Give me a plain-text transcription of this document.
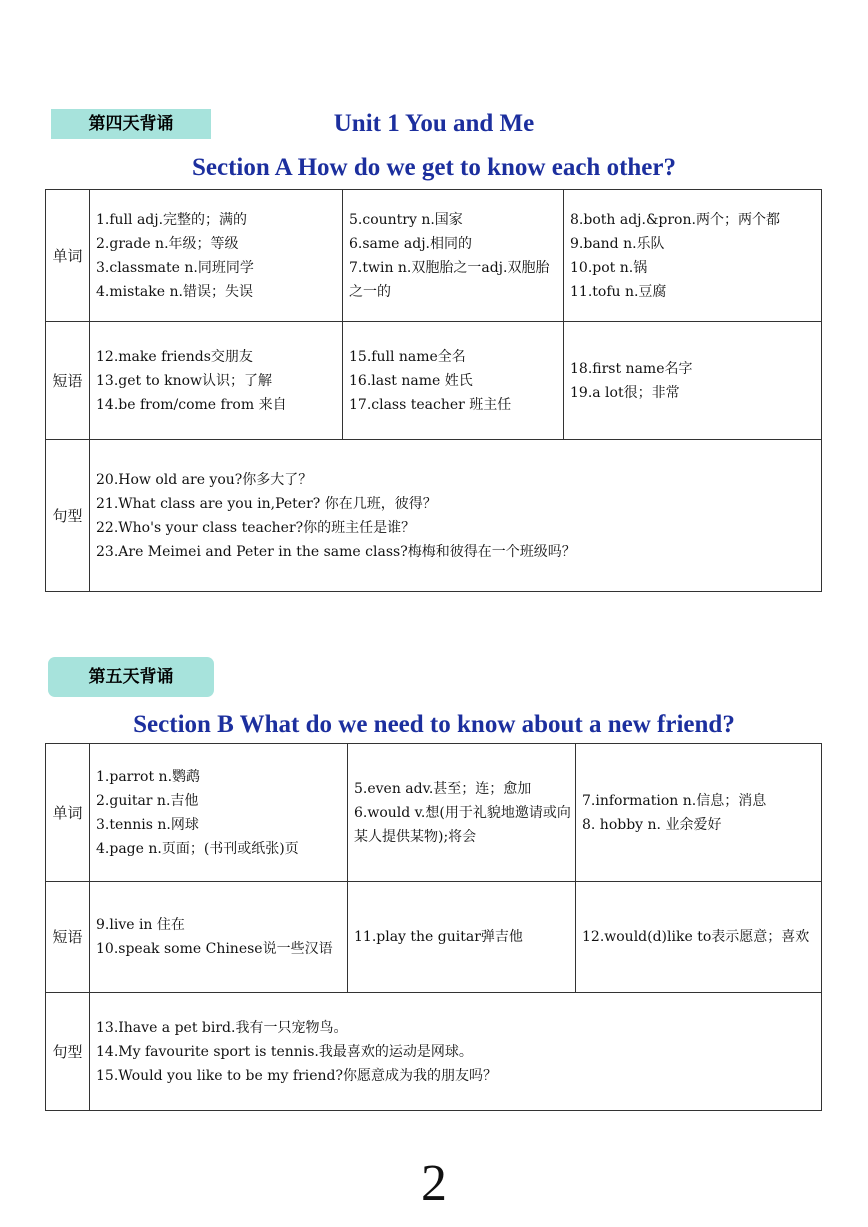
第四天背诵	Unit 1 You and Me
Section A How do we get to know each other?
单词	1.full adj.完整的；满的
2.grade n.年级；等级
3.classmate n.同班同学
4.mistake n.错误；失误	5.country n.国家
6.same adj.相同的
7.twin n.双胞胎之一adj.双胞胎之一的	8.both adj.&pron.两个；两个都
9.band n.乐队
10.pot n.锅
11.tofu n.豆腐

短语	12.make friends交朋友
13.get to know认识；了解
14.be from/come from 来自	15.full name全名
16.last name 姓氏
17.class teacher 班主任	18.first name名字
19.a lot很；非常

句型	20.How old are you?你多大了？
21.What class are you in,Peter? 你在几班，彼得？
22.Who's your class teacher?你的班主任是谁？
23.Are Meimei and Peter in the same class?梅梅和彼得在一个班级吗？		
第五天背诵
Section B What do we need to know about a new friend?
单词	1.parrot n.鹦鹉
2.guitar n.吉他
3.tennis n.网球
4.page n.页面；(书刊或纸张)页	5.even adv.甚至；连；愈加
6.would v.想(用于礼貌地邀请或向某人提供某物);将会	7.information n.信息；消息
8. hobby n. 业余爱好

短语	9.live in 住在
10.speak some Chinese说一些汉语	11.play the guitar弹吉他	12.would(d)like to表示愿意；喜欢
句型	13.Ihave a pet bird.我有一只宠物鸟。
14.My favourite sport is tennis.我最喜欢的运动是网球。
15.Would you like to be my friend?你愿意成为我的朋友吗？		
2
